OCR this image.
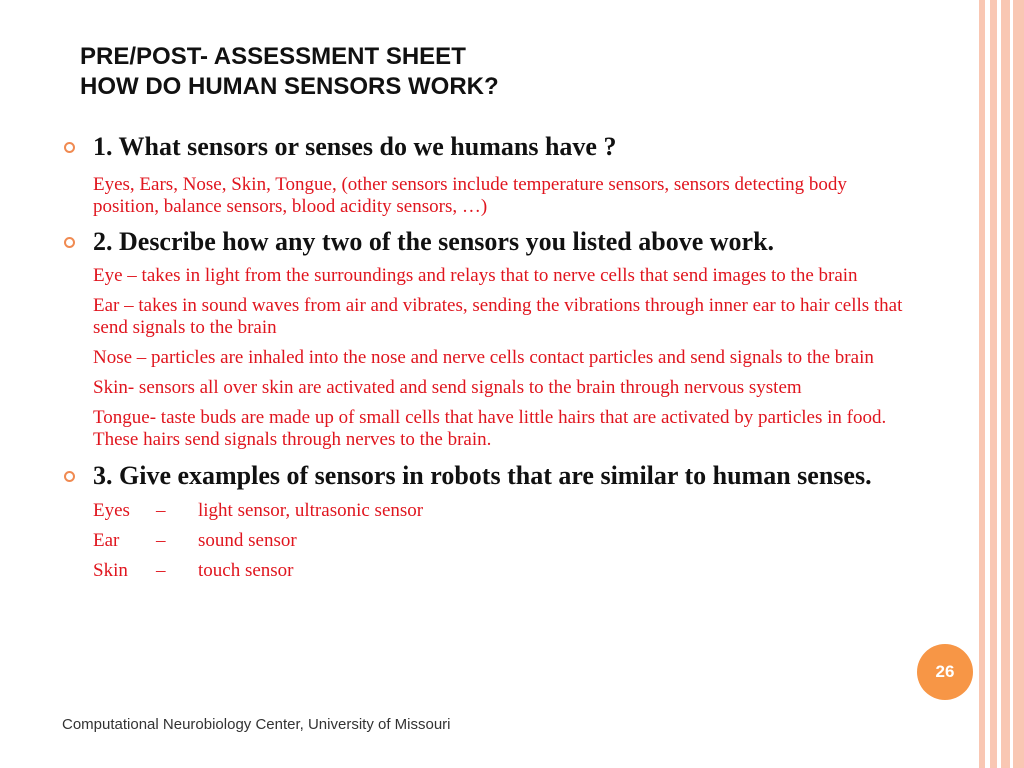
PRE/POST- ASSESSMENT SHEET
HOW DO HUMAN SENSORS WORK?
1. What sensors or senses do we humans have ?
Eyes, Ears, Nose, Skin, Tongue, (other sensors include temperature sensors, sensors detecting body position, balance sensors, blood acidity sensors, …)
2. Describe how any two of the sensors you listed above work.
Eye – takes in light from the surroundings and relays that to nerve cells that send images to the brain
Ear – takes in sound waves from air and vibrates, sending the vibrations through inner ear to hair cells that send signals to the brain
Nose – particles are inhaled into the nose and nerve cells contact particles and send signals to the brain
Skin- sensors all over skin are activated and send signals to the brain through nervous system
Tongue- taste buds are made up of small cells that have little hairs that are activated by particles in food. These hairs send signals through nerves to the brain.
3. Give examples of sensors in robots that are similar to human senses.
Eyes – light sensor, ultrasonic sensor
Ear – sound sensor
Skin – touch sensor
26
Computational Neurobiology Center, University of Missouri
